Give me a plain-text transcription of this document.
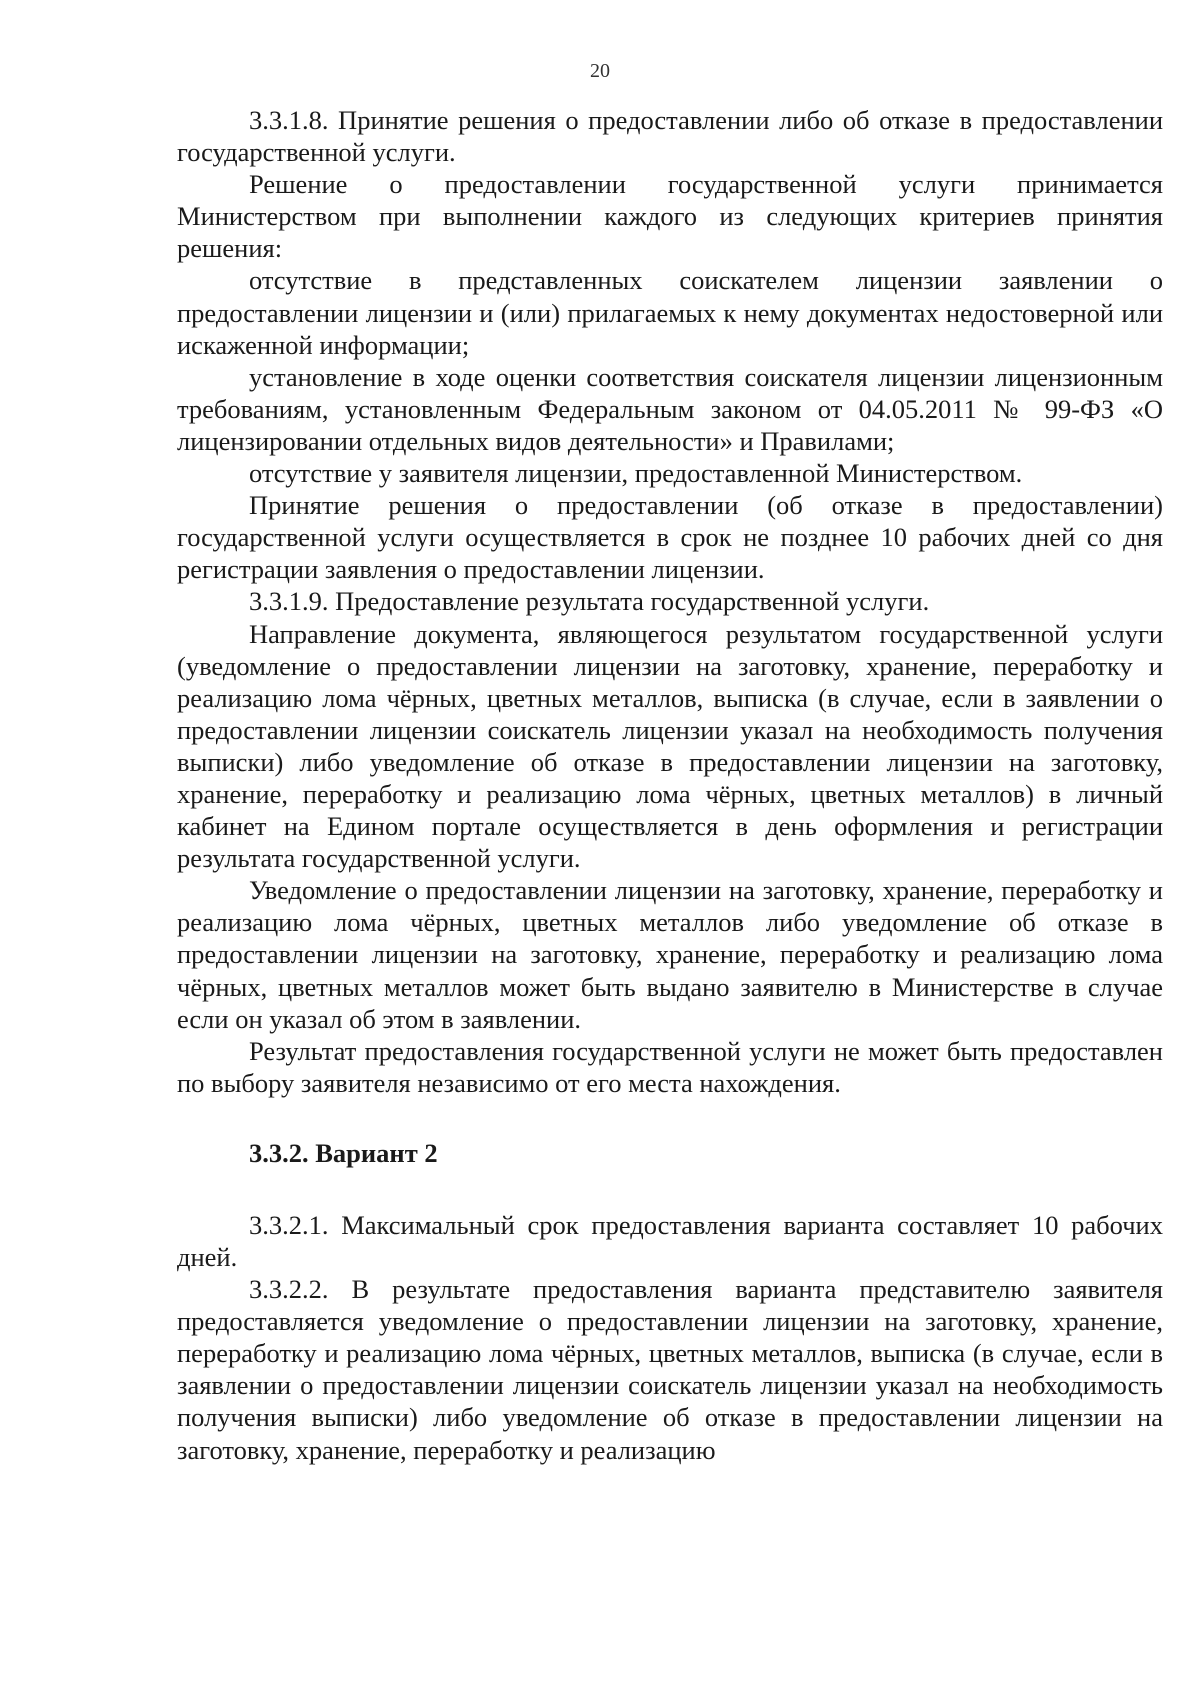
20

3.3.1.8. Принятие решения о предоставлении либо об отказе в предоставлении государственной услуги.

Решение о предоставлении государственной услуги принимается Министерством при выполнении каждого из следующих критериев принятия решения:

отсутствие в представленных соискателем лицензии заявлении о предоставлении лицензии и (или) прилагаемых к нему документах недостоверной или искаженной информации;

установление в ходе оценки соответствия соискателя лицензии лицензионным требованиям, установленным Федеральным законом от 04.05.2011 № 99-ФЗ «О лицензировании отдельных видов деятельности» и Правилами;

отсутствие у заявителя лицензии, предоставленной Министерством.

Принятие решения о предоставлении (об отказе в предоставлении) государственной услуги осуществляется в срок не позднее 10 рабочих дней со дня регистрации заявления о предоставлении лицензии.

3.3.1.9. Предоставление результата государственной услуги.

Направление документа, являющегося результатом государственной услуги (уведомление о предоставлении лицензии на заготовку, хранение, переработку и реализацию лома чёрных, цветных металлов, выписка (в случае, если в заявлении о предоставлении лицензии соискатель лицензии указал на необходимость получения выписки) либо уведомление об отказе в предоставлении лицензии на заготовку, хранение, переработку и реализацию лома чёрных, цветных металлов) в личный кабинет на Едином портале осуществляется в день оформления и регистрации результата государственной услуги.

Уведомление о предоставлении лицензии на заготовку, хранение, переработку и реализацию лома чёрных, цветных металлов либо уведомление об отказе в предоставлении лицензии на заготовку, хранение, переработку и реализацию лома чёрных, цветных металлов может быть выдано заявителю в Министерстве в случае если он указал об этом в заявлении.

Результат предоставления государственной услуги не может быть предоставлен по выбору заявителя независимо от его места нахождения.

3.3.2. Вариант 2

3.3.2.1. Максимальный срок предоставления варианта составляет 10 рабочих дней.

3.3.2.2. В результате предоставления варианта представителю заявителя предоставляется уведомление о предоставлении лицензии на заготовку, хранение, переработку и реализацию лома чёрных, цветных металлов, выписка (в случае, если в заявлении о предоставлении лицензии соискатель лицензии указал на необходимость получения выписки) либо уведомление об отказе в предоставлении лицензии на заготовку, хранение, переработку и реализацию
